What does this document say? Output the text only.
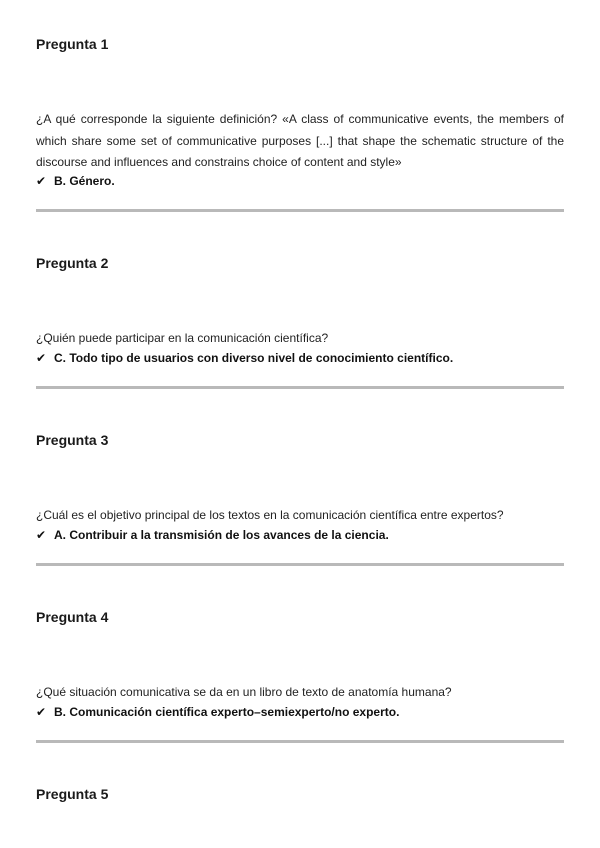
Pregunta 1
¿A qué corresponde la siguiente definición? «A class of communicative events, the members of which share some set of communicative purposes [...] that shape the schematic structure of the discourse and influences and constrains choice of content and style»
✔ B. Género.
Pregunta 2
¿Quién puede participar en la comunicación científica?
✔ C. Todo tipo de usuarios con diverso nivel de conocimiento científico.
Pregunta 3
¿Cuál es el objetivo principal de los textos en la comunicación científica entre expertos?
✔ A. Contribuir a la transmisión de los avances de la ciencia.
Pregunta 4
¿Qué situación comunicativa se da en un libro de texto de anatomía humana?
✔ B. Comunicación científica experto–semiexperto/no experto.
Pregunta 5
